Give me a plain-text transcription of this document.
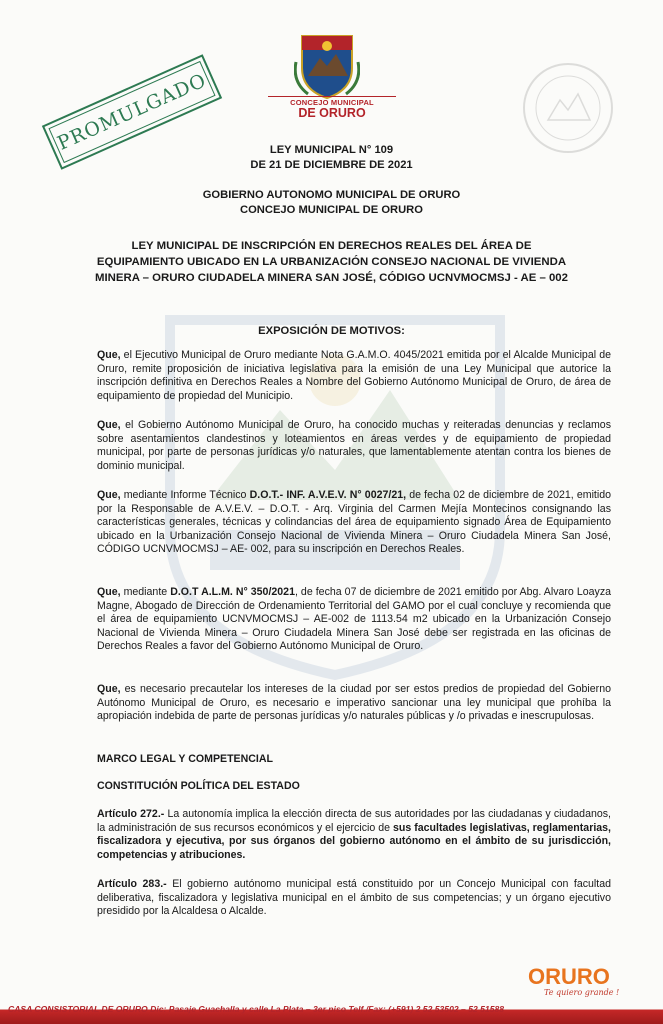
CONCEJO MUNICIPAL
DE ORURO
PROMULGADO	LEY MUNICIPAL N° 109
DE 21 DE DICIEMBRE DE 2021
GOBIERNO AUTONOMO MUNICIPAL DE ORURO
CONCEJO MUNICIPAL DE ORURO
LEY MUNICIPAL DE INSCRIPCIÓN EN DERECHOS REALES DEL ÁREA DE
EQUIPAMIENTO UBICADO EN LA URBANIZACIÓN CONSEJO NACIONAL DE VIVIENDA
MINERA – ORURO CIUDADELA MINERA SAN JOSÉ, CÓDIGO UCNVMOCMSJ - AE – 002
EXPOSICIÓN DE MOTIVOS:
Que, el Ejecutivo Municipal de Oruro mediante Nota G.A.M.O. 4045/2021 emitida por el Alcalde Municipal de Oruro, remite proposición de iniciativa legislativa para la emisión de una Ley Municipal que autorice la inscripción definitiva en Derechos Reales a Nombre del Gobierno Autónomo Municipal de Oruro, de área de equipamiento de propiedad del Municipio.
Que, el Gobierno Autónomo Municipal de Oruro, ha conocido muchas y reiteradas denuncias y reclamos sobre asentamientos clandestinos y loteamientos en áreas verdes y de equipamiento de propiedad municipal, por parte de personas jurídicas y/o naturales, que lamentablemente atentan contra los bienes de dominio municipal.
Que, mediante Informe Técnico D.O.T.- INF. A.V.E.V. N° 0027/21, de fecha 02 de diciembre de 2021, emitido por la Responsable de A.V.E.V. – D.O.T. - Arq. Virginia del Carmen Mejía Montecinos consignando las características generales, técnicas y colindancias del área de equipamiento signado Área de Equipamiento ubicado en la Urbanización Consejo Nacional de Vivienda Minera – Oruro Ciudadela Minera San José, CÓDIGO UCNVMOCMSJ – AE- 002, para su inscripción en Derechos Reales.
Que, mediante D.O.T A.L.M. N° 350/2021, de fecha 07 de diciembre de 2021 emitido por Abg. Alvaro Loayza Magne, Abogado de Dirección de Ordenamiento Territorial del GAMO por el cual concluye y recomienda que el área de equipamiento UCNVMOCMSJ – AE-002 de 1113.54 m2 ubicado en la Urbanización Consejo Nacional de Vivienda Minera – Oruro Ciudadela Minera San José debe ser registrada en las oficinas de Derechos Reales a favor del Gobierno Autónomo Municipal de Oruro.
Que, es necesario precautelar los intereses de la ciudad por ser estos predios de propiedad del Gobierno Autónomo Municipal de Oruro, es necesario e imperativo sancionar una ley municipal que prohíba la apropiación indebida de parte de personas jurídicas y/o naturales públicas y /o privadas e inescrupulosas.
MARCO LEGAL Y COMPETENCIAL
CONSTITUCIÓN POLÍTICA DEL ESTADO
Artículo 272.- La autonomía implica la elección directa de sus autoridades por las ciudadanas y ciudadanos, la administración de sus recursos económicos y el ejercicio de sus facultades legislativas, reglamentarias, fiscalizadora y ejecutiva, por sus órganos del gobierno autónomo en el ámbito de su jurisdicción, competencias y atribuciones.
Artículo 283.- El gobierno autónomo municipal está constituido por un Concejo Municipal con facultad deliberativa, fiscalizadora y legislativa municipal en el ámbito de sus competencias; y un órgano ejecutivo presidido por la Alcaldesa o Alcalde.
ORURO
Te quiero grande !
CASA CONSISTORIAL DE ORURO Dic: Pasaje Guachalla y calle La Plata – 3er piso Telf./Fax: (+591) 2 52 53502 – 52 51588
